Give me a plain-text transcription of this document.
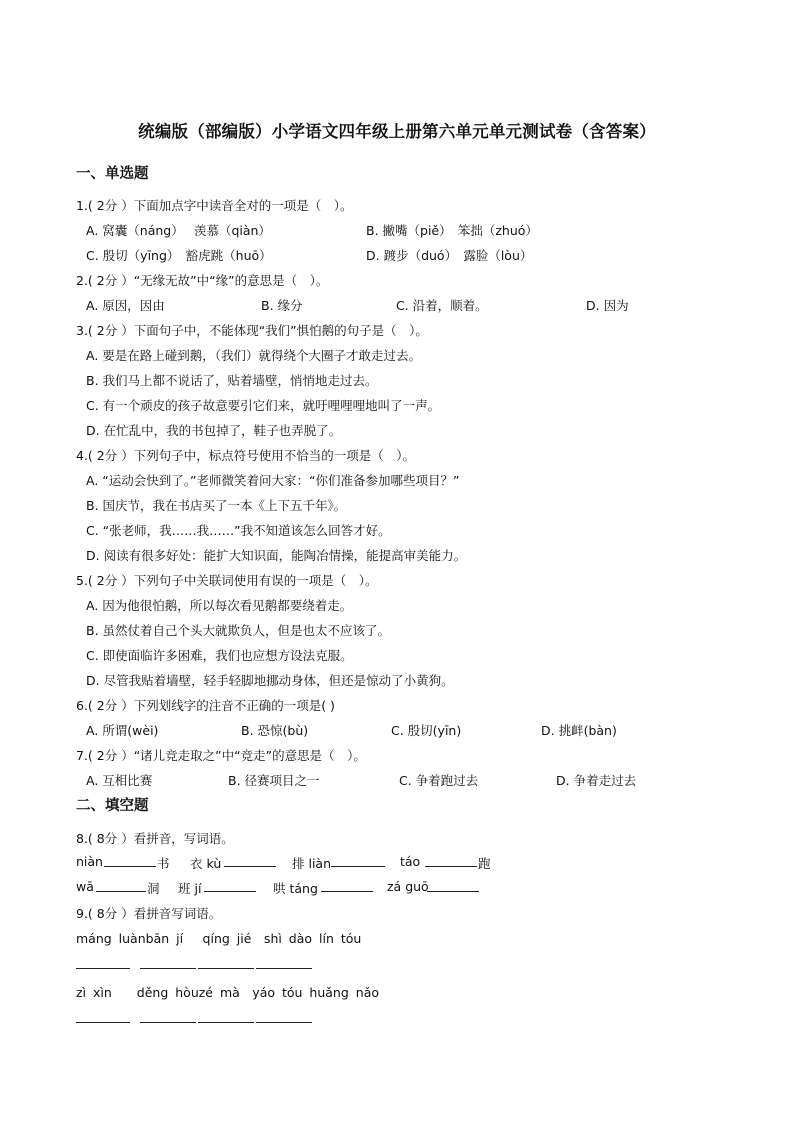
统编版（部编版）小学语文四年级上册第六单元单元测试卷（含答案）
一、单选题
1.( 2分 ）下面加点字中读音全对的一项是（　）。
A. 窝囊（náng）　 羡慕（qiàn）	B. 撇嘴（piě）　笨拙（zhuó）
C. 殷切（yīng）　豁虎跳（huō）	D. 踱步（duó）　露脸（lòu）
2.( 2分 ）“无缘无故”中“缘”的意思是（　）。
A. 原因，因由	B. 缘分	C. 沿着，顺着。	D. 因为
3.( 2分 ）下面句子中，不能体现“我们”惧怕鹅的句子是（　）。
A. 要是在路上碰到鹅，（我们）就得绕个大圈子才敢走过去。
B. 我们马上都不说话了，贴着墙壁，悄悄地走过去。
C. 有一个顽皮的孩子故意要引它们来，就吁哩哩哩地叫了一声。
D. 在忙乱中，我的书包掉了，鞋子也弄脱了。
4.( 2分 ）下列句子中，标点符号使用不恰当的一项是（　）。
A. “运动会快到了。”老师微笑着问大家：“你们准备参加哪些项目？”
B. 国庆节，我在书店买了一本《上下五千年》。
C. “张老师，我……我……”我不知道该怎么回答才好。
D. 阅读有很多好处：能扩大知识面，能陶冶情操，能提高审美能力。
5.( 2分 ）下列句子中关联词使用有误的一项是（　）。
A. 因为他很怕鹅，所以每次看见鹅都要绕着走。
B. 虽然仗着自己个头大就欺负人，但是也太不应该了。
C. 即使面临许多困难，我们也应想方设法克服。
D. 尽管我贴着墙壁，轻手轻脚地挪动身体，但还是惊动了小黄狗。
6.( 2分 ）下列划线字的注音不正确的一项是( )
A. 所谓(wèi)	B. 恐惊(bù)	C. 殷切(yīn)	D. 挑衅(bàn)
7.( 2分 ）“诸儿竞走取之”中“竞走”的意思是（　）。
A. 互相比赛	B. 径赛项目之一	C. 争着跑过去	D. 争着走过去
二、填空题
8.( 8分 ）看拼音，写词语。
niàn	书 衣 kù	排 liàn	táo	跑
wā	洞 班 jí	哄 táng	zá guō
9.( 8分 ）看拼音写词语。
máng luànbān jí　 qíng jié　shì dào lín tóu
zì xìn　　děng hòuzé mà　yáo tóu huǎng nǎo
